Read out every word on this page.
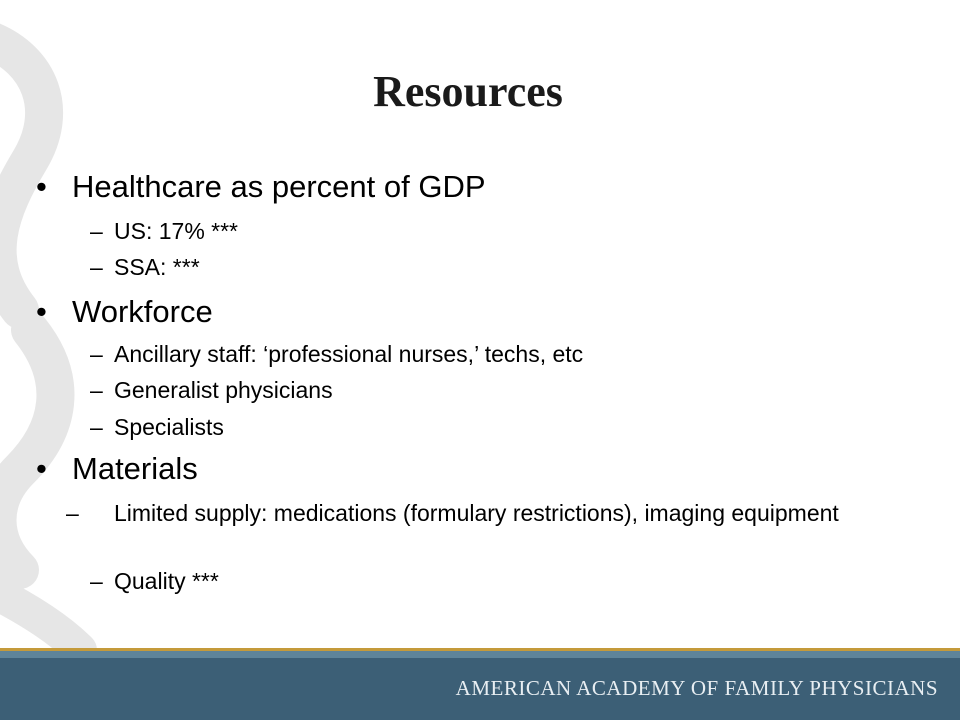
Resources
• Healthcare as percent of GDP
– US: 17% ***
– SSA: ***
• Workforce
– Ancillary staff: ‘professional nurses,’ techs, etc
– Generalist physicians
– Specialists
• Materials
– Limited supply: medications (formulary restrictions), imaging equipment
– Quality ***
AMERICAN ACADEMY OF FAMILY PHYSICIANS
